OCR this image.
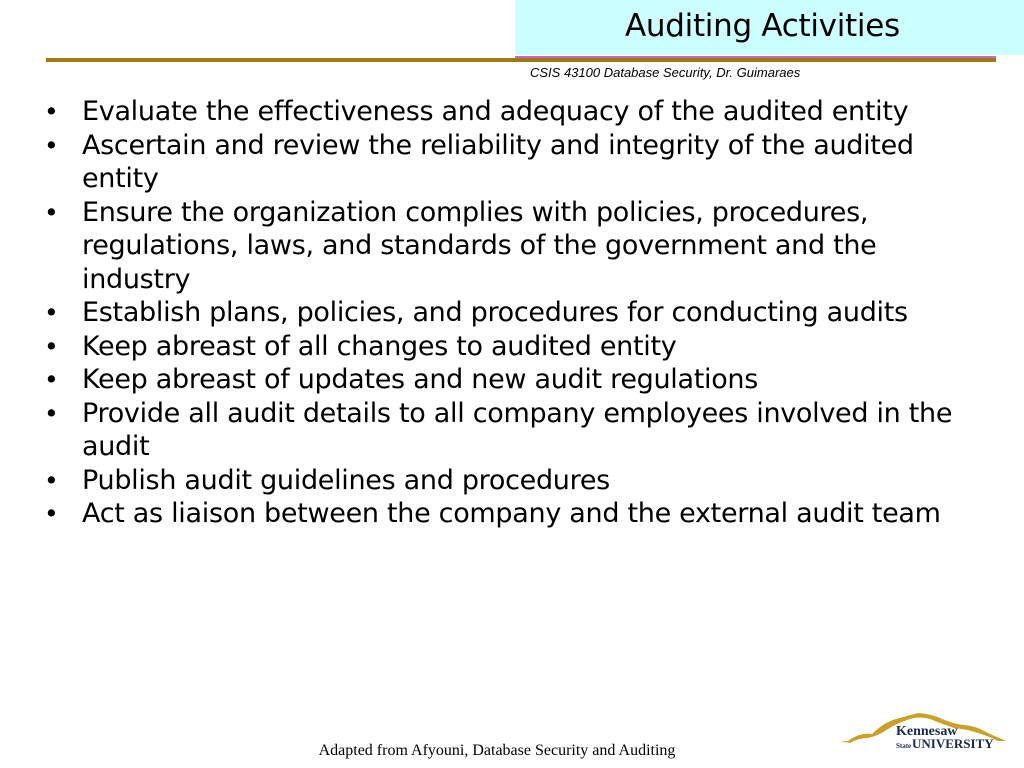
Auditing Activities
CSIS 43100 Database Security, Dr. Guimaraes
• Evaluate the effectiveness and adequacy of the audited entity
• Ascertain and review the reliability and integrity of the audited entity
• Ensure the organization complies with policies, procedures, regulations, laws, and standards of the government and the industry
• Establish plans, policies, and procedures for conducting audits
• Keep abreast of all changes to audited entity
• Keep abreast of updates and new audit regulations
• Provide all audit details to all company employees involved in the audit
• Publish audit guidelines and procedures
• Act as liaison between the company and the external audit team
Adapted from Afyouni, Database Security and Auditing
Kennesaw
State UNIVERSITY
